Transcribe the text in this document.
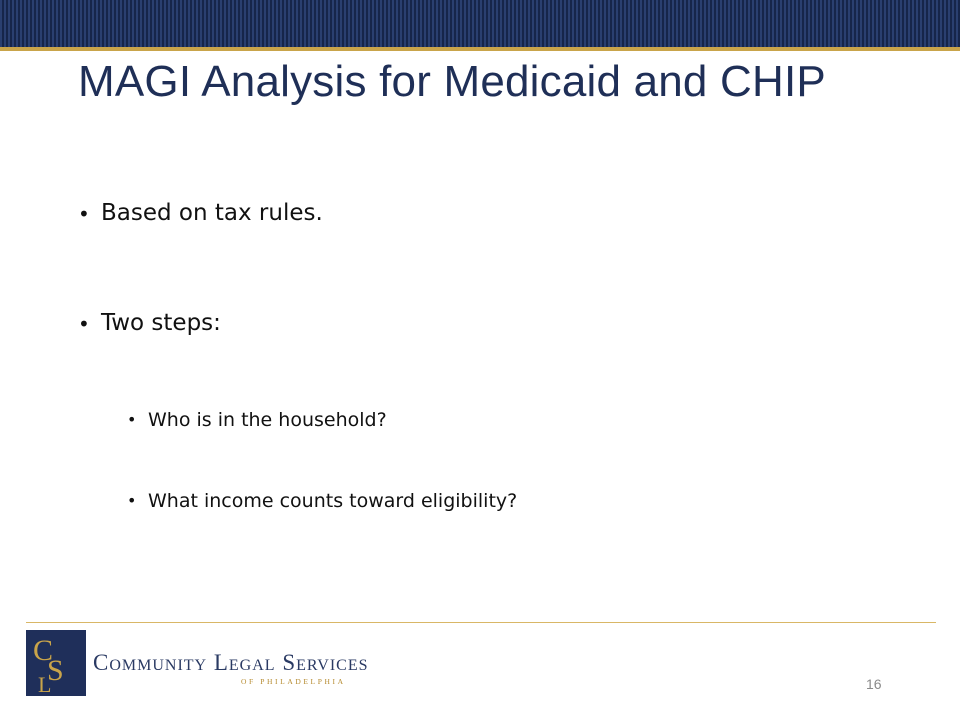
MAGI Analysis for Medicaid and CHIP
• Based on tax rules.
• Two steps:
• Who is in the household?
• What income counts toward eligibility?
C
S
L
Community Legal Services
OF PHILADELPHIA	16
